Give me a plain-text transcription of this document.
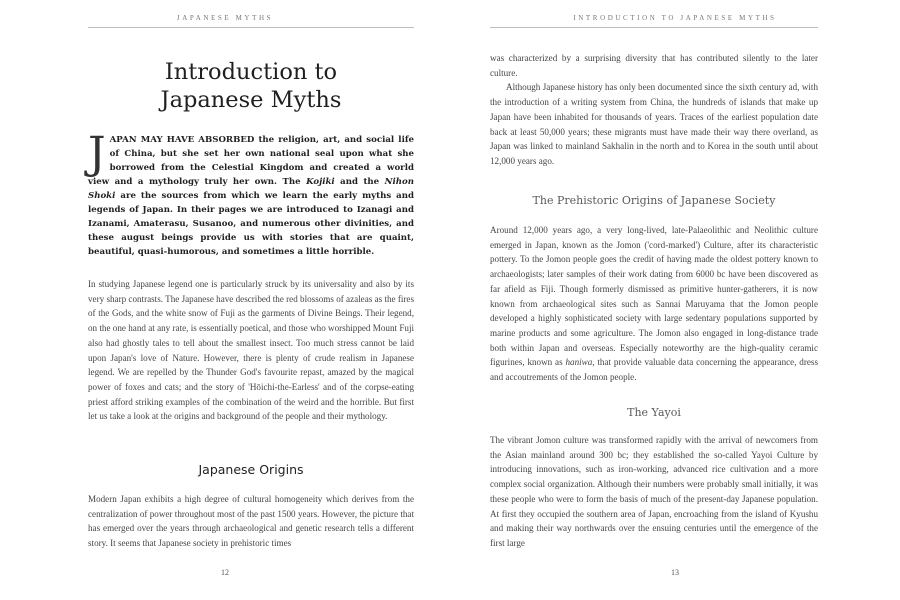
JAPANESE MYTHS
Introduction to
Japanese Myths
JAPAN MAY HAVE ABSORBED the religion, art, and social life of China, but she set her own national seal upon what she borrowed from the Celestial Kingdom and created a world view and a mythology truly her own. The Kojiki and the Nihon Shoki are the sources from which we learn the early myths and legends of Japan. In their pages we are introduced to Izanagi and Izanami, Amaterasu, Susanoo, and numerous other divinities, and these august beings provide us with stories that are quaint, beautiful, quasi-humorous, and sometimes a little horrible.

In studying Japanese legend one is particularly struck by its universality and also by its very sharp contrasts. The Japanese have described the red blossoms of azaleas as the fires of the Gods, and the white snow of Fuji as the garments of Divine Beings. Their legend, on the one hand at any rate, is essentially poetical, and those who worshipped Mount Fuji also had ghostly tales to tell about the smallest insect. Too much stress cannot be laid upon Japan's love of Nature. However, there is plenty of crude realism in Japanese legend. We are repelled by the Thunder God's favourite repast, amazed by the magical power of foxes and cats; and the story of 'Hōichi-the-Earless' and of the corpse-eating priest afford striking examples of the combination of the weird and the horrible. But first let us take a look at the origins and background of the people and their mythology.

Japanese Origins

Modern Japan exhibits a high degree of cultural homogeneity which derives from the centralization of power throughout most of the past 1500 years. However, the picture that has emerged over the years through archaeological and genetic research tells a different story. It seems that Japanese society in prehistoric times

12
INTRODUCTION TO JAPANESE MYTHS

was characterized by a surprising diversity that has contributed silently to the later culture.

Although Japanese history has only been documented since the sixth century ad, with the introduction of a writing system from China, the hundreds of islands that make up Japan have been inhabited for thousands of years. Traces of the earliest population date back at least 50,000 years; these migrants must have made their way there overland, as Japan was linked to mainland Sakhalin in the north and to Korea in the south until about 12,000 years ago.

The Prehistoric Origins of Japanese Society

Around 12,000 years ago, a very long-lived, late-Palaeolithic and Neolithic culture emerged in Japan, known as the Jomon ('cord-marked') Culture, after its characteristic pottery. To the Jomon people goes the credit of having made the oldest pottery known to archaeologists; later samples of their work dating from 6000 bc have been discovered as far afield as Fiji. Though formerly dismissed as primitive hunter-gatherers, it is now known from archaeological sites such as Sannai Maruyama that the Jomon people developed a highly sophisticated society with large sedentary populations supported by marine products and some agriculture. The Jomon also engaged in long-distance trade both within Japan and overseas. Especially noteworthy are the high-quality ceramic figurines, known as haniwa, that provide valuable data concerning the appearance, dress and accoutrements of the Jomon people.

The Yayoi

The vibrant Jomon culture was transformed rapidly with the arrival of newcomers from the Asian mainland around 300 bc; they established the so-called Yayoi Culture by introducing innovations, such as iron-working, advanced rice cultivation and a more complex social organization. Although their numbers were probably small initially, it was these people who were to form the basis of much of the present-day Japanese population. At first they occupied the southern area of Japan, encroaching from the island of Kyushu and making their way northwards over the ensuing centuries until the emergence of the first large

13
